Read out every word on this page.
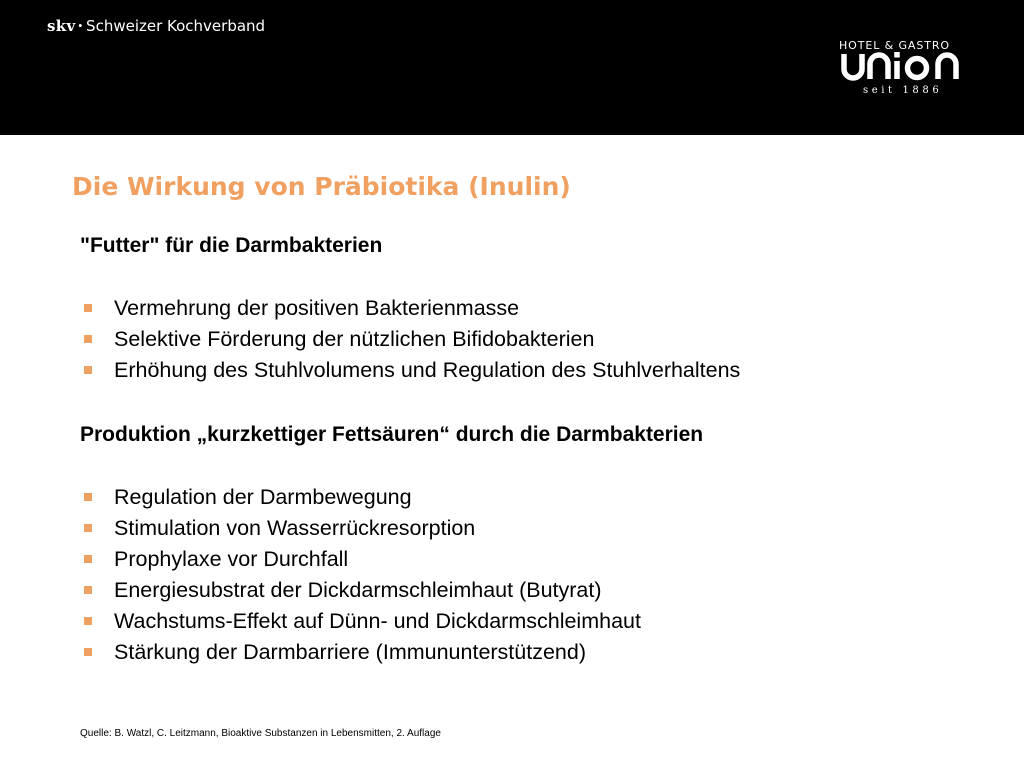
skv · Schweizer Kochverband
HOTEL & GASTRO
seit 1886
Die Wirkung von Präbiotika (Inulin)

"Futter" für die Darmbakterien

Vermehrung der positiven Bakterienmasse
Selektive Förderung der nützlichen Bifidobakterien
Erhöhung des Stuhlvolumens und Regulation des Stuhlverhaltens

Produktion „kurzkettiger Fettsäuren“ durch die Darmbakterien

Regulation der Darmbewegung
Stimulation von Wasserrückresorption
Prophylaxe vor Durchfall
Energiesubstrat der Dickdarmschleimhaut (Butyrat)
Wachstums-Effekt auf Dünn- und Dickdarmschleimhaut
Stärkung der Darmbarriere (Immununterstützend)
Quelle: B. Watzl, C. Leitzmann, Bioaktive Substanzen in Lebensmitten, 2. Auflage
